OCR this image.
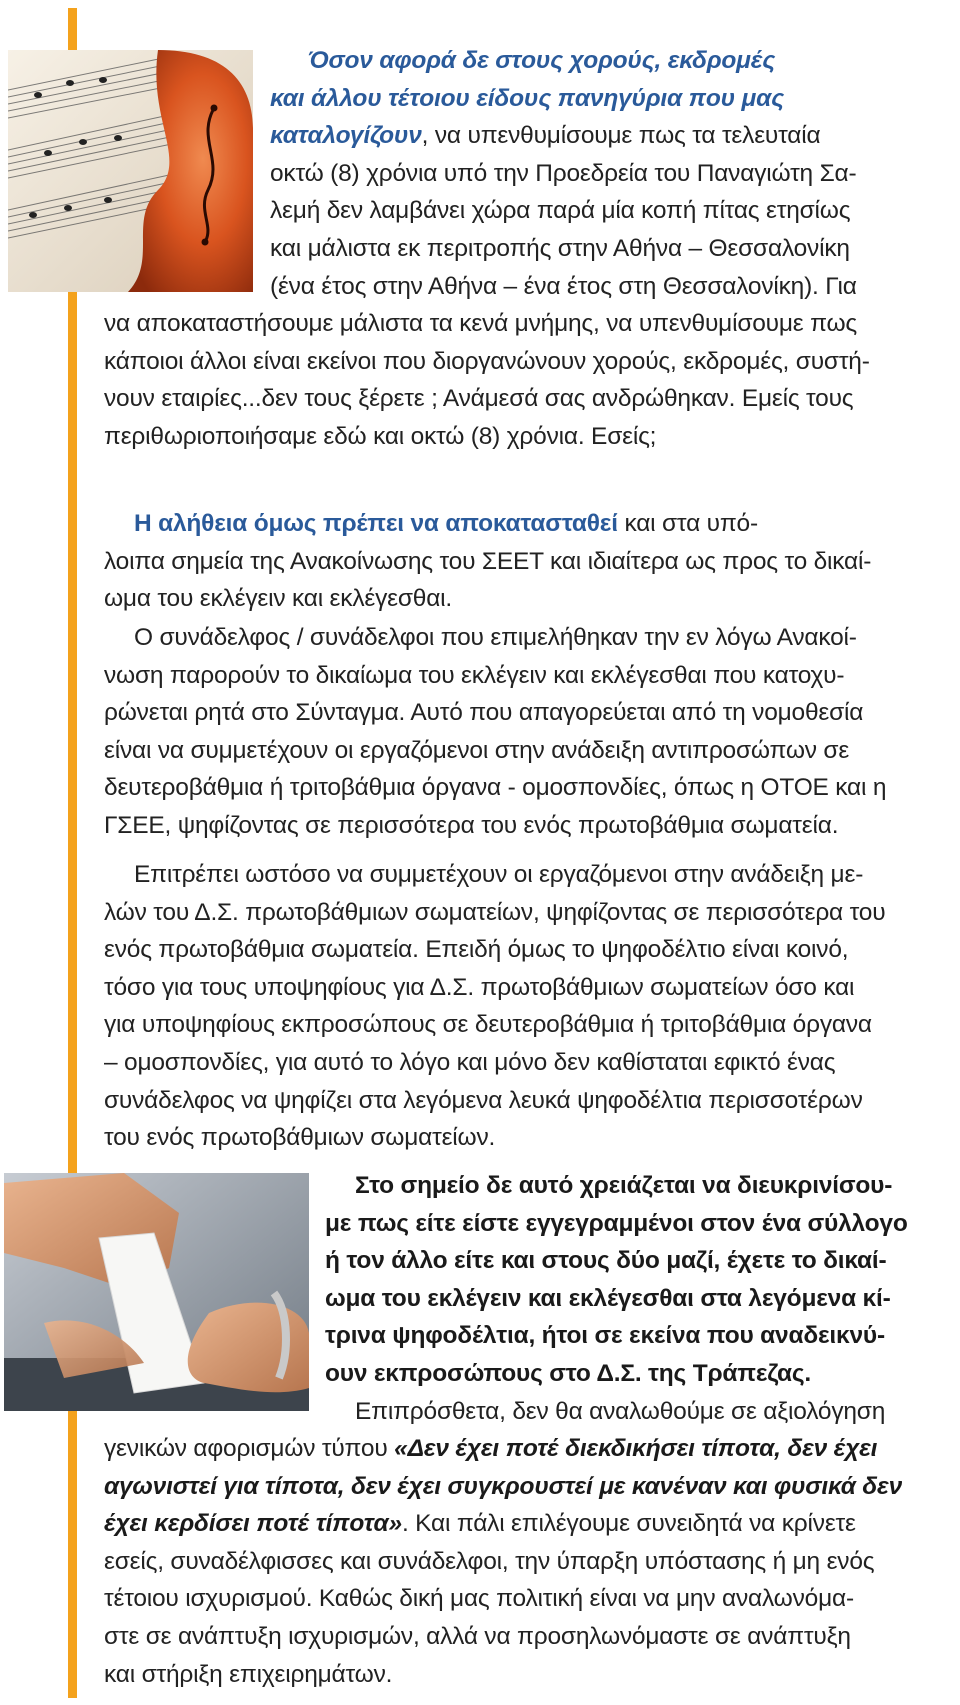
Όσον αφορά δε στους χορούς, εκδρομές
και άλλου τέτοιου είδους πανηγύρια που μας
καταλογίζουν, να υπενθυμίσουμε πως τα τελευταία
οκτώ (8) χρόνια υπό την Προεδρεία του Παναγιώτη Σα-
λεμή δεν λαμβάνει χώρα παρά μία κοπή πίτας ετησίως
και μάλιστα εκ περιτροπής στην Αθήνα – Θεσσαλονίκη
(ένα έτος στην Αθήνα – ένα έτος στη Θεσσαλονίκη). Για
να αποκαταστήσουμε μάλιστα τα κενά μνήμης, να υπενθυμίσουμε πως
κάποιοι άλλοι είναι εκείνοι που διοργανώνουν χορούς, εκδρομές, συστή-
νουν εταιρίες...δεν τους ξέρετε ; Ανάμεσά σας ανδρώθηκαν. Εμείς τους
περιθωριοποιήσαμε εδώ και οκτώ (8) χρόνια. Εσείς;
Η αλήθεια όμως πρέπει να αποκατασταθεί και στα υπό-
λοιπα σημεία της Ανακοίνωσης του ΣΕΕΤ και ιδιαίτερα ως προς το δικαί-
ωμα του εκλέγειν και εκλέγεσθαι.
Ο συνάδελφος / συνάδελφοι που επιμελήθηκαν την εν λόγω Ανακοί-
νωση παρορούν το δικαίωμα του εκλέγειν και εκλέγεσθαι που κατοχυ-
ρώνεται ρητά στο Σύνταγμα. Αυτό που απαγορεύεται από τη νομοθεσία
είναι να συμμετέχουν οι εργαζόμενοι στην ανάδειξη αντιπροσώπων σε
δευτεροβάθμια ή τριτοβάθμια όργανα - ομοσπονδίες, όπως η ΟΤΟΕ και η
ΓΣΕΕ, ψηφίζοντας σε περισσότερα του ενός πρωτοβάθμια σωματεία.
Επιτρέπει ωστόσο να συμμετέχουν οι εργαζόμενοι στην ανάδειξη με-
λών του Δ.Σ. πρωτοβάθμιων σωματείων, ψηφίζοντας σε περισσότερα του
ενός πρωτοβάθμια σωματεία. Επειδή όμως το ψηφοδέλτιο είναι κοινό,
τόσο για τους υποψηφίους για Δ.Σ. πρωτοβάθμιων σωματείων όσο και
για υποψηφίους εκπροσώπους σε δευτεροβάθμια ή τριτοβάθμια όργανα
– ομοσπονδίες, για αυτό το λόγο και μόνο δεν καθίσταται εφικτό ένας
συνάδελφος να ψηφίζει στα λεγόμενα λευκά ψηφοδέλτια περισσοτέρων
του ενός πρωτοβάθμιων σωματείων.
Στο σημείο δε αυτό χρειάζεται να διευκρινίσου-
με πως είτε είστε εγγεγραμμένοι στον ένα σύλλογο
ή τον άλλο είτε και στους δύο μαζί, έχετε το δικαί-
ωμα του εκλέγειν και εκλέγεσθαι στα λεγόμενα κί-
τρινα ψηφοδέλτια, ήτοι σε εκείνα που αναδεικνύ-
ουν εκπροσώπους στο Δ.Σ. της Τράπεζας.
Επιπρόσθετα, δεν θα αναλωθούμε σε αξιολόγηση
γενικών αφορισμών τύπου «Δεν έχει ποτέ διεκδικήσει τίποτα, δεν έχει
αγωνιστεί για τίποτα, δεν έχει συγκρουστεί με κανέναν και φυσικά δεν
έχει κερδίσει ποτέ τίποτα». Και πάλι επιλέγουμε συνειδητά να κρίνετε
εσείς, συναδέλφισσες και συνάδελφοι, την ύπαρξη υπόστασης ή μη ενός
τέτοιου ισχυρισμού. Καθώς δική μας πολιτική είναι να μην αναλωνόμα-
στε σε ανάπτυξη ισχυρισμών, αλλά να προσηλωνόμαστε σε ανάπτυξη
και στήριξη επιχειρημάτων.
